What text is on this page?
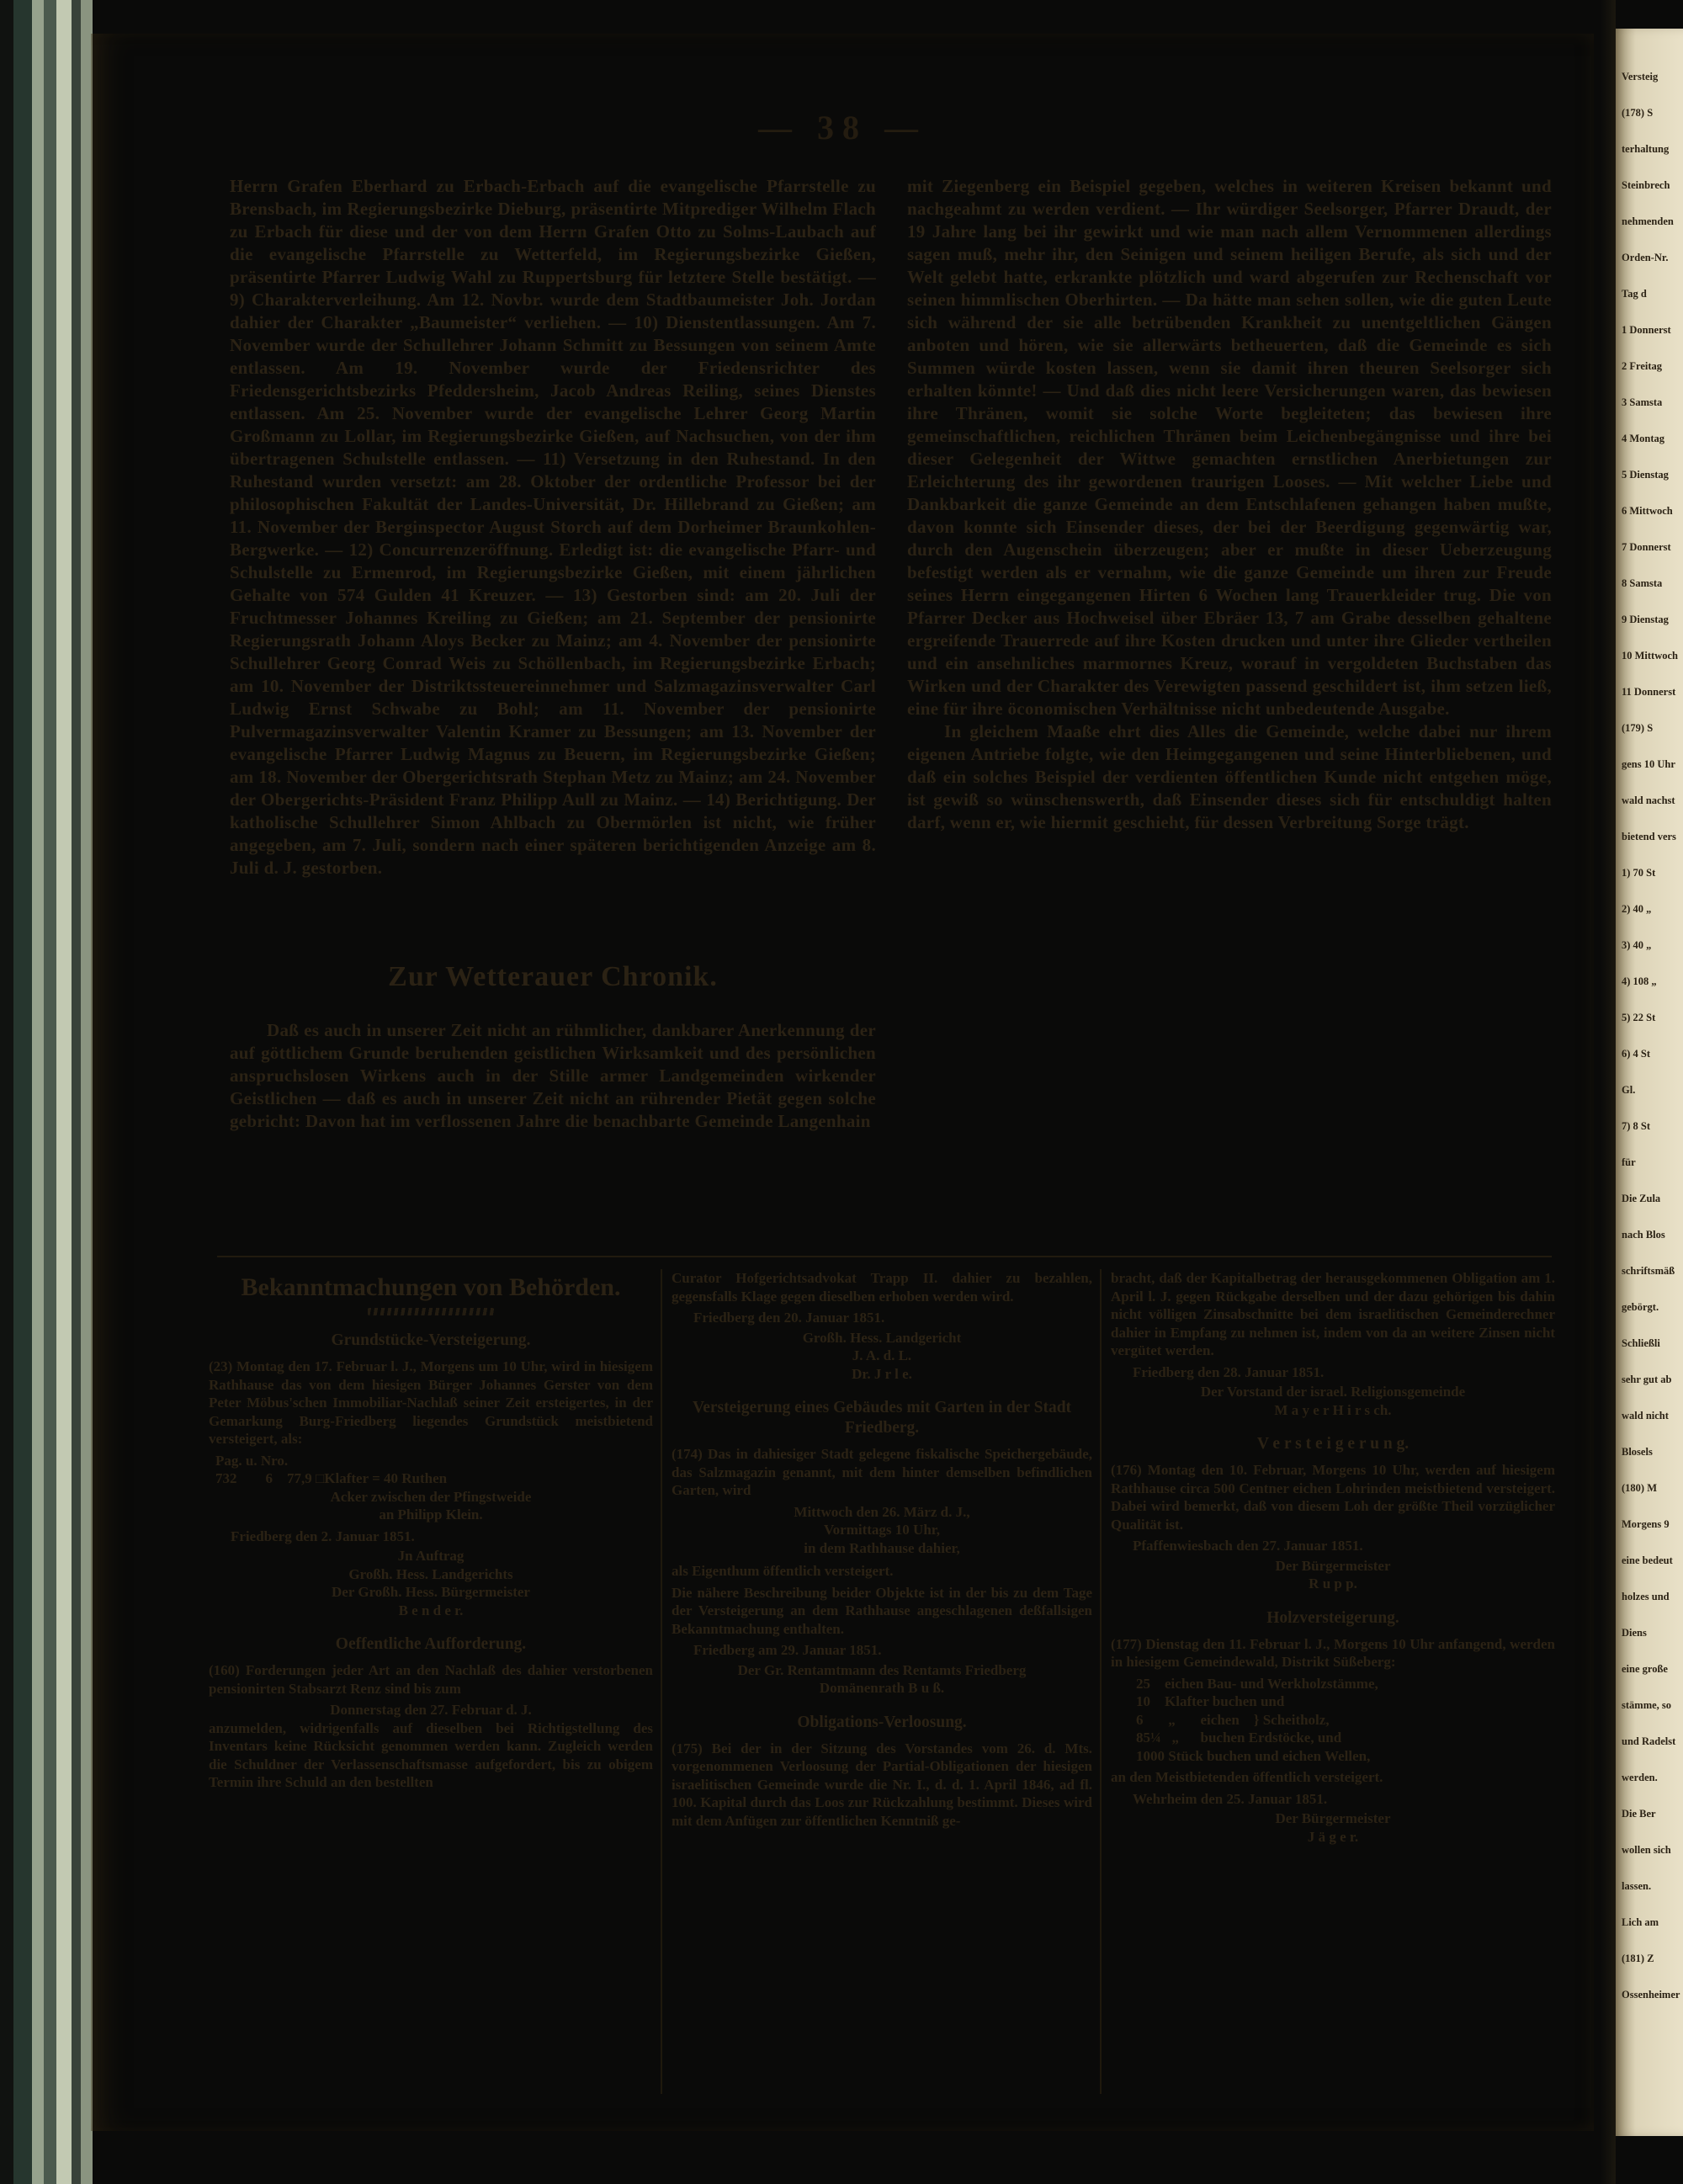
— 38 —

Herrn Grafen Eberhard zu Erbach-Erbach auf die evangelische Pfarrstelle zu Brensbach, im Regierungsbezirke Dieburg, präsentirte Mitprediger Wilhelm Flach zu Erbach für diese und der von dem Herrn Grafen Otto zu Solms-Laubach auf die evangelische Pfarrstelle zu Wetterfeld, im Regierungsbezirke Gießen, präsentirte Pfarrer Ludwig Wahl zu Ruppertsburg für letztere Stelle bestätigt. — 9) Charakterverleihung. Am 12. Novbr. wurde dem Stadtbaumeister Joh. Jordan dahier der Charakter „Baumeister“ verliehen. — 10) Dienstentlassungen. Am 7. November wurde der Schullehrer Johann Schmitt zu Bessungen von seinem Amte entlassen. Am 19. November wurde der Friedensrichter des Friedensgerichtsbezirks Pfeddersheim, Jacob Andreas Reiling, seines Dienstes entlassen. Am 25. November wurde der evangelische Lehrer Georg Martin Großmann zu Lollar, im Regierungsbezirke Gießen, auf Nachsuchen, von der ihm übertragenen Schulstelle entlassen. — 11) Versetzung in den Ruhestand. In den Ruhestand wurden versetzt: am 28. Oktober der ordentliche Professor bei der philosophischen Fakultät der Landes-Universität, Dr. Hillebrand zu Gießen; am 11. November der Berginspector August Storch auf dem Dorheimer Braunkohlen-Bergwerke. — 12) Concurrenzeröffnung. Erledigt ist: die evangelische Pfarr- und Schulstelle zu Ermenrod, im Regierungsbezirke Gießen, mit einem jährlichen Gehalte von 574 Gulden 41 Kreuzer. — 13) Gestorben sind: am 20. Juli der Fruchtmesser Johannes Kreiling zu Gießen; am 21. September der pensionirte Regierungsrath Johann Aloys Becker zu Mainz; am 4. November der pensionirte Schullehrer Georg Conrad Weis zu Schöllenbach, im Regierungsbezirke Erbach; am 10. November der Distriktssteuereinnehmer und Salzmagazinsverwalter Carl Ludwig Ernst Schwabe zu Bohl; am 11. November der pensionirte Pulvermagazinsverwalter Valentin Kramer zu Bessungen; am 13. November der evangelische Pfarrer Ludwig Magnus zu Beuern, im Regierungsbezirke Gießen; am 18. November der Obergerichtsrath Stephan Metz zu Mainz; am 24. November der Obergerichts-Präsident Franz Philipp Aull zu Mainz. — 14) Berichtigung. Der katholische Schullehrer Simon Ahlbach zu Obermörlen ist nicht, wie früher angegeben, am 7. Juli, sondern nach einer späteren berichtigenden Anzeige am 8. Juli d. J. gestorben.

Zur Wetterauer Chronik.

Daß es auch in unserer Zeit nicht an rühmlicher, dankbarer Anerkennung der auf göttlichem Grunde beruhenden geistlichen Wirksamkeit und des persönlichen anspruchslosen Wirkens auch in der Stille armer Landgemeinden wirkender Geistlichen — daß es auch in unserer Zeit nicht an rührender Pietät gegen solche gebricht: Davon hat im verflossenen Jahre die benachbarte Gemeinde Langenhain

mit Ziegenberg ein Beispiel gegeben, welches in weiteren Kreisen bekannt und nachgeahmt zu werden verdient. — Ihr würdiger Seelsorger, Pfarrer Draudt, der 19 Jahre lang bei ihr gewirkt und wie man nach allem Vernommenen allerdings sagen muß, mehr ihr, den Seinigen und seinem heiligen Berufe, als sich und der Welt gelebt hatte, erkrankte plötzlich und ward abgerufen zur Rechenschaft vor seinen himmlischen Oberhirten. — Da hätte man sehen sollen, wie die guten Leute sich während der sie alle betrübenden Krankheit zu unentgeltlichen Gängen anboten und hören, wie sie allerwärts betheuerten, daß die Gemeinde es sich Summen würde kosten lassen, wenn sie damit ihren theuren Seelsorger sich erhalten könnte! — Und daß dies nicht leere Versicherungen waren, das bewiesen ihre Thränen, womit sie solche Worte begleiteten; das bewiesen ihre gemeinschaftlichen, reichlichen Thränen beim Leichenbegängnisse und ihre bei dieser Gelegenheit der Wittwe gemachten ernstlichen Anerbietungen zur Erleichterung des ihr gewordenen traurigen Looses. — Mit welcher Liebe und Dankbarkeit die ganze Gemeinde an dem Entschlafenen gehangen haben mußte, davon konnte sich Einsender dieses, der bei der Beerdigung gegenwärtig war, durch den Augenschein überzeugen; aber er mußte in dieser Ueberzeugung befestigt werden als er vernahm, wie die ganze Gemeinde um ihren zur Freude seines Herrn eingegangenen Hirten 6 Wochen lang Trauerkleider trug. Die von Pfarrer Decker aus Hochweisel über Ebräer 13, 7 am Grabe desselben gehaltene ergreifende Trauerrede auf ihre Kosten drucken und unter ihre Glieder vertheilen und ein ansehnliches marmornes Kreuz, worauf in vergoldeten Buchstaben das Wirken und der Charakter des Verewigten passend geschildert ist, ihm setzen ließ, eine für ihre öconomischen Verhältnisse nicht unbedeutende Ausgabe.

In gleichem Maaße ehrt dies Alles die Gemeinde, welche dabei nur ihrem eigenen Antriebe folgte, wie den Heimgegangenen und seine Hinterbliebenen, und daß ein solches Beispiel der verdienten öffentlichen Kunde nicht entgehen möge, ist gewiß so wünschenswerth, daß Einsender dieses sich für entschuldigt halten darf, wenn er, wie hiermit geschieht, für dessen Verbreitung Sorge trägt.

Bekanntmachungen von Behörden.
Grundstücke-Versteigerung.

(23) Montag den 17. Februar l. J., Morgens um 10 Uhr, wird in hiesigem Rathhause das von dem hiesigen Bürger Johannes Gerster von dem Peter Möbus'schen Immobiliar-Nachlaß seiner Zeit ersteigertes, in der Gemarkung Burg-Friedberg liegendes Grundstück meistbietend versteigert, als:

Pag. u. Nro.
732        6    77,9 □Klafter = 40 Ruthen
Acker zwischen der Pfingstweide
an Philipp Klein.
Friedberg den 2. Januar 1851.
Jn Auftrag
Großh. Hess. Landgerichts
Der Großh. Hess. Bürgermeister
B e n d e r.
Oeffentliche Aufforderung.

(160) Forderungen jeder Art an den Nachlaß des dahier verstorbenen pensionirten Stabsarzt Renz sind bis zum

Donnerstag den 27. Februar d. J.

anzumelden, widrigenfalls auf dieselben bei Richtigstellung des Inventars keine Rücksicht genommen werden kann. Zugleich werden die Schuldner der Verlassenschaftsmasse aufgefordert, bis zu obigem Termin ihre Schuld an den bestellten

Curator Hofgerichtsadvokat Trapp II. dahier zu bezahlen, gegensfalls Klage gegen dieselben erhoben werden wird.

Friedberg den 20. Januar 1851.
Großh. Hess. Landgericht
J. A. d. L.
Dr. J r l e.
Versteigerung eines Gebäudes mit Garten in der Stadt Friedberg.

(174) Das in dahiesiger Stadt gelegene fiskalische Speichergebäude, das Salzmagazin genannt, mit dem hinter demselben befindlichen Garten, wird

Mittwoch den 26. März d. J.,
Vormittags 10 Uhr,
in dem Rathhause dahier,

als Eigenthum öffentlich versteigert.

Die nähere Beschreibung beider Objekte ist in der bis zu dem Tage der Versteigerung an dem Rathhause angeschlagenen deßfallsigen Bekanntmachung enthalten.

Friedberg am 29. Januar 1851.
Der Gr. Rentamtmann des Rentamts Friedberg
Domänenrath B u ß.
Obligations-Verloosung.

(175) Bei der in der Sitzung des Vorstandes vom 26. d. Mts. vorgenommenen Verloosung der Partial-Obligationen der hiesigen israelitischen Gemeinde wurde die Nr. I., d. d. 1. April 1846, ad fl. 100. Kapital durch das Loos zur Rückzahlung bestimmt. Dieses wird mit dem Anfügen zur öffentlichen Kenntniß ge-

bracht, daß der Kapitalbetrag der herausgekommenen Obligation am 1. April l. J. gegen Rückgabe derselben und der dazu gehörigen bis dahin nicht völligen Zinsabschnitte bei dem israelitischen Gemeinderechner dahier in Empfang zu nehmen ist, indem von da an weitere Zinsen nicht vergütet werden.

Friedberg den 28. Januar 1851.
Der Vorstand der israel. Religionsgemeinde
M a y e r H i r s ch.
V e r s t e i g e r u n g.

(176) Montag den 10. Februar, Morgens 10 Uhr, werden auf hiesigem Rathhause circa 500 Centner eichen Lohrinden meistbietend versteigert. Dabei wird bemerkt, daß von diesem Loh der größte Theil vorzüglicher Qualität ist.

Pfaffenwiesbach den 27. Januar 1851.
Der Bürgermeister
R u p p.
Holzversteigerung.

(177) Dienstag den 11. Februar l. J., Morgens 10 Uhr anfangend, werden in hiesigem Gemeindewald, Distrikt Süßeberg:

25    eichen Bau- und Werkholzstämme,
10    Klafter buchen und
6       „       eichen    } Scheitholz,
85¼   „      buchen Erdstöcke, und
1000 Stück buchen und eichen Wellen,

an den Meistbietenden öffentlich versteigert.

Wehrheim den 25. Januar 1851.
Der Bürgermeister
J ä g e r.
Versteig
(178) S
terhaltung
Steinbrech
nehmenden
Orden-Nr.
Tag d
1 Donnerst
2 Freitag
3 Samsta
4 Montag
5 Dienstag
6 Mittwoch
7 Donnerst
8 Samsta
9 Dienstag
10 Mittwoch
11 Donnerst
(179) S
gens 10 Uhr
wald nachst
bietend vers
1) 70 St
2) 40 „
3) 40 „
4) 108 „
5) 22 St
6) 4 St
Gl.
7) 8 St
für
Die Zula
nach Blos
schriftsmäß
gebörgt.
Schließli
sehr gut ab
wald nicht
Blosels
(180) M
Morgens 9
eine bedeut
holzes und
Diens
eine große
stämme, so
und Radelst
werden.
Die Ber
wollen sich
lassen.
Lich am
(181) Z
Ossenheimer
